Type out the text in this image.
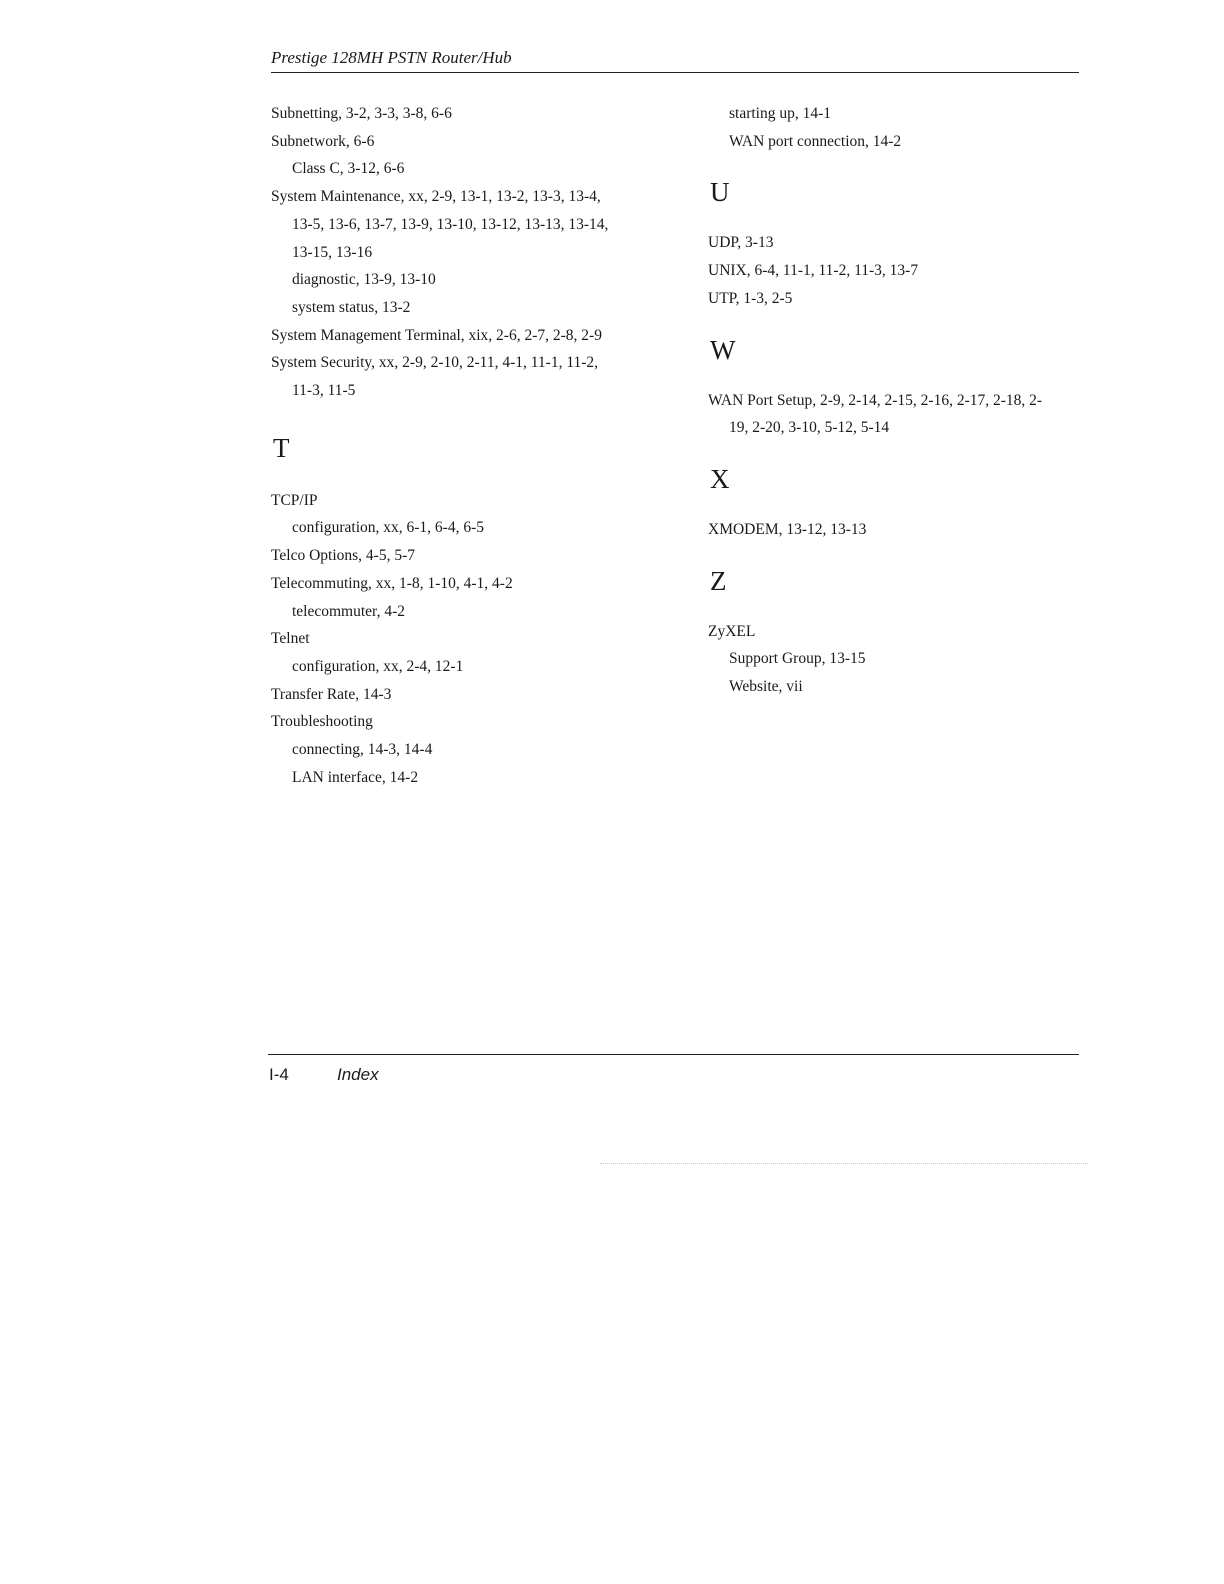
Prestige 128MH PSTN Router/Hub
Subnetting, 3-2, 3-3, 3-8, 6-6
Subnetwork, 6-6
Class C, 3-12, 6-6
System Maintenance, xx, 2-9, 13-1, 13-2, 13-3, 13-4,
13-5, 13-6, 13-7, 13-9, 13-10, 13-12, 13-13, 13-14,
13-15, 13-16
diagnostic, 13-9, 13-10
system status, 13-2
System Management Terminal, xix, 2-6, 2-7, 2-8, 2-9
System Security, xx, 2-9, 2-10, 2-11, 4-1, 11-1, 11-2,
11-3, 11-5
T
TCP/IP
configuration, xx, 6-1, 6-4, 6-5
Telco Options, 4-5, 5-7
Telecommuting, xx, 1-8, 1-10, 4-1, 4-2
telecommuter, 4-2
Telnet
configuration, xx, 2-4, 12-1
Transfer Rate, 14-3
Troubleshooting
connecting, 14-3, 14-4
LAN interface, 14-2
starting up, 14-1
WAN port connection, 14-2
U
UDP, 3-13
UNIX, 6-4, 11-1, 11-2, 11-3, 13-7
UTP, 1-3, 2-5
W
WAN Port Setup, 2-9, 2-14, 2-15, 2-16, 2-17, 2-18, 2-
19, 2-20, 3-10, 5-12, 5-14
X
XMODEM, 13-12, 13-13
Z
ZyXEL
Support Group, 13-15
Website, vii
I-4	Index
